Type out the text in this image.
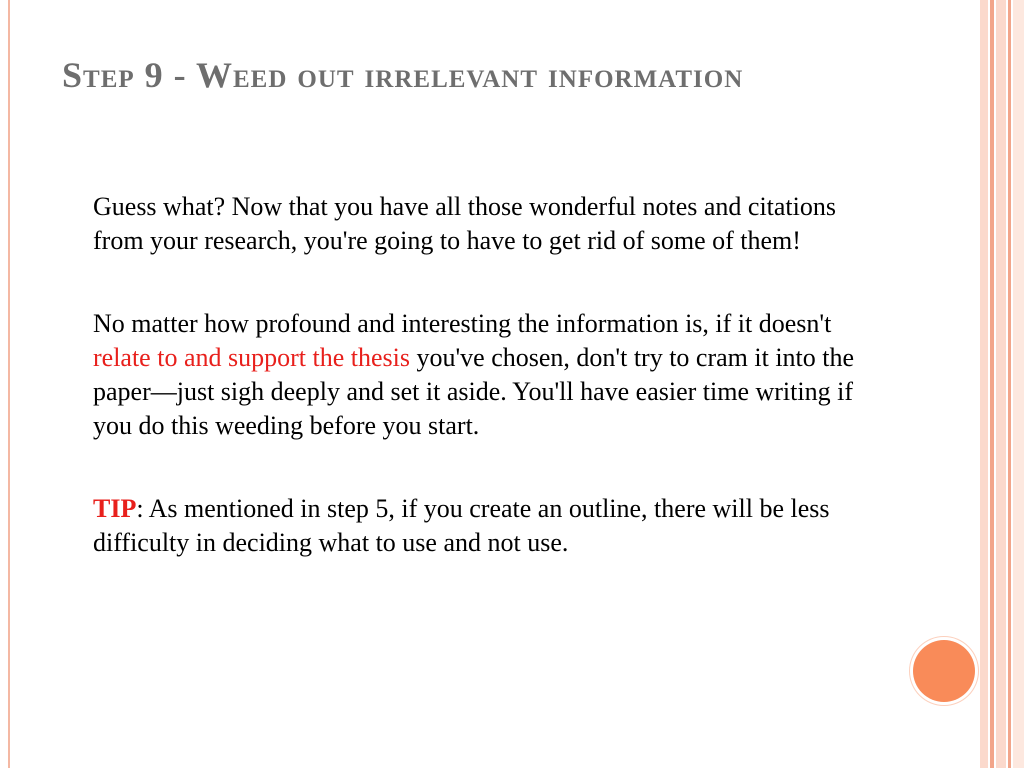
Step 9 - Weed out irrelevant information

Guess what? Now that you have all those wonderful notes and citations from your research, you're going to have to get rid of some of them!

No matter how profound and interesting the information is, if it doesn't relate to and support the thesis you've chosen, don't try to cram it into the paper—just sigh deeply and set it aside. You'll have easier time writing if you do this weeding before you start.

TIP: As mentioned in step 5, if you create an outline, there will be less difficulty in deciding what to use and not use.
